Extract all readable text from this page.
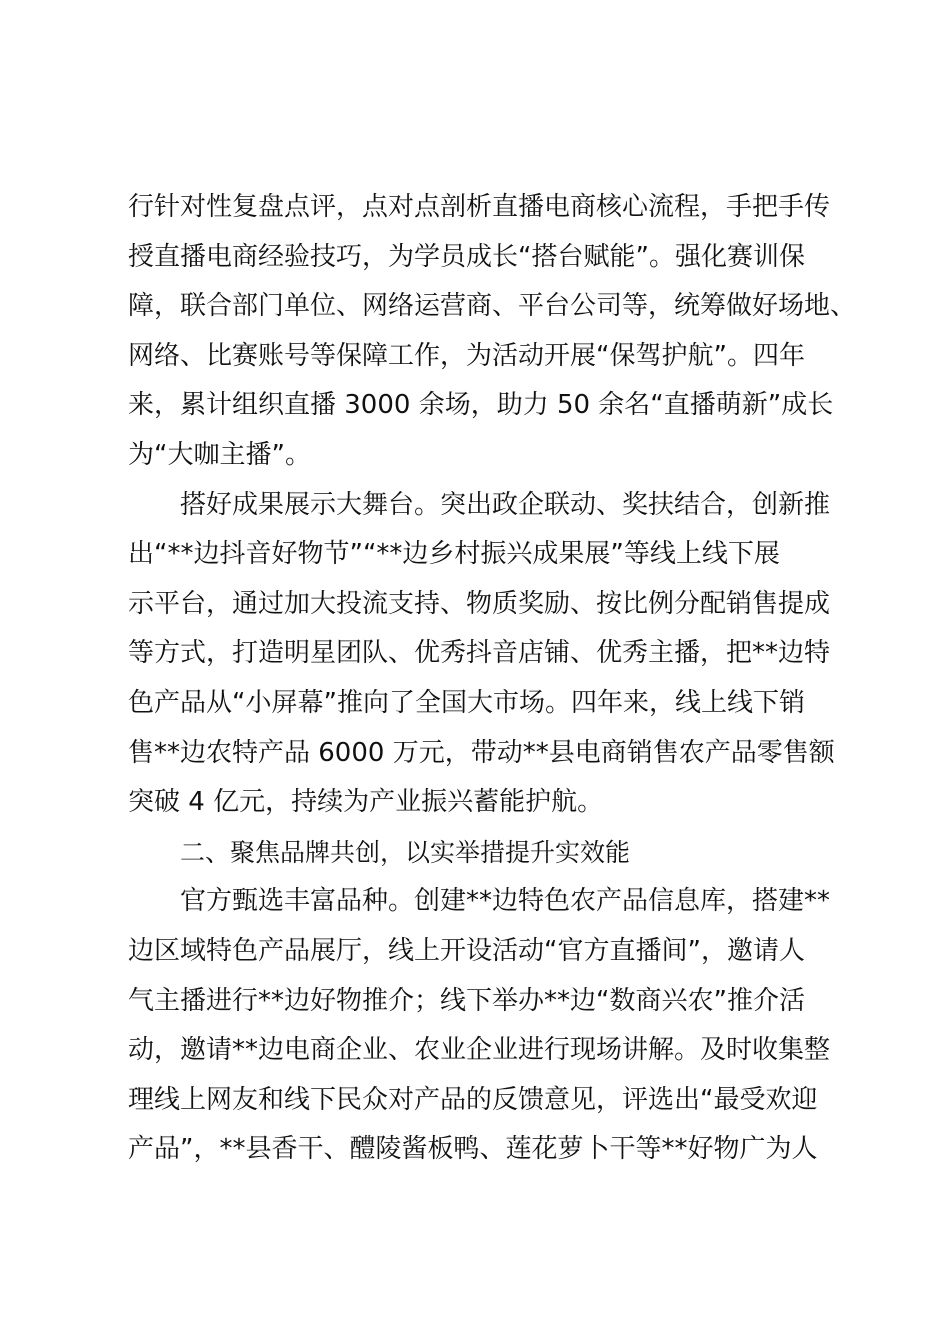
行针对性复盘点评，点对点剖析直播电商核心流程，手把手传

授直播电商经验技巧，为学员成长“搭台赋能”。强化赛训保

障，联合部门单位、网络运营商、平台公司等，统筹做好场地、

网络、比赛账号等保障工作，为活动开展“保驾护航”。四年

来，累计组织直播 3000 余场，助力 50 余名“直播萌新”成长

为“大咖主播”。

搭好成果展示大舞台。突出政企联动、奖扶结合，创新推

出“**边抖音好物节”“**边乡村振兴成果展”等线上线下展

示平台，通过加大投流支持、物质奖励、按比例分配销售提成

等方式，打造明星团队、优秀抖音店铺、优秀主播，把**边特

色产品从“小屏幕”推向了全国大市场。四年来，线上线下销

售**边农特产品 6000 万元，带动**县电商销售农产品零售额

突破 4 亿元，持续为产业振兴蓄能护航。

二、聚焦品牌共创，以实举措提升实效能

官方甄选丰富品种。创建**边特色农产品信息库，搭建**

边区域特色产品展厅，线上开设活动“官方直播间”，邀请人

气主播进行**边好物推介；线下举办**边“数商兴农”推介活

动，邀请**边电商企业、农业企业进行现场讲解。及时收集整

理线上网友和线下民众对产品的反馈意见，评选出“最受欢迎

产品”，**县香干、醴陵酱板鸭、莲花萝卜干等**好物广为人
